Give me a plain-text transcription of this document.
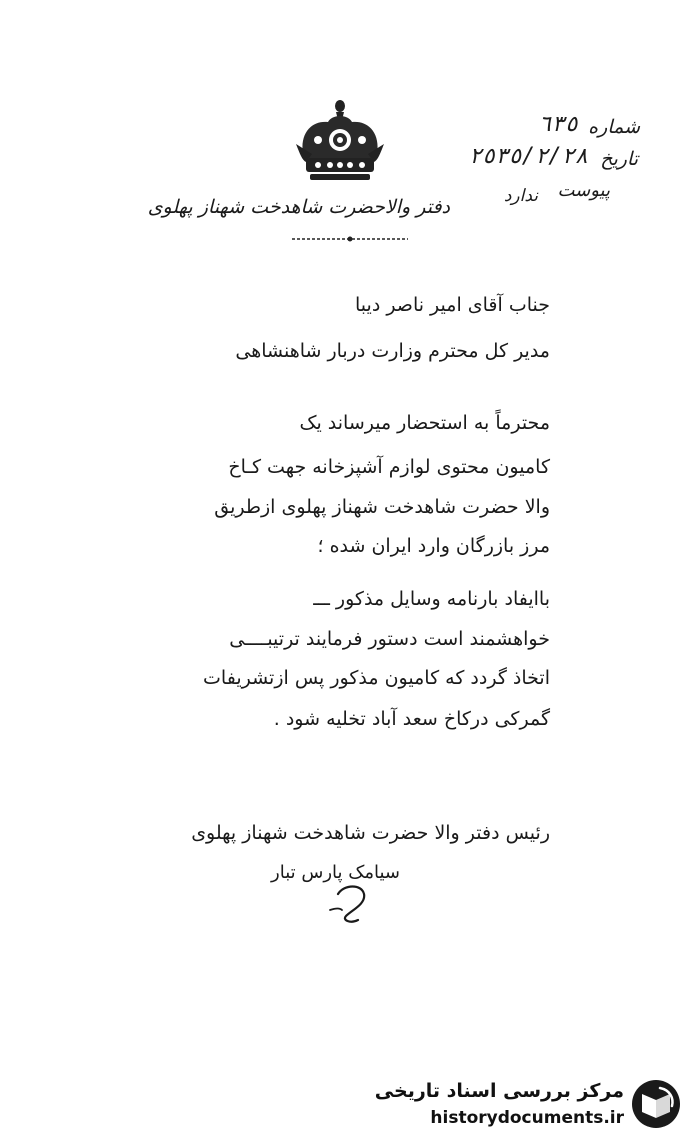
شماره
٦٣٥
تاریخ
٢٥٣٥/٢/٢٨
پیوست
ندارد
دفتر والاحضرت شاهدخت شهناز پهلوی
جناب آقای امیر ناصر دیبا
مدیر کل محترم وزارت دربار شاهنشاهی
محترماً به استحضار میرساند یک
کامیون محتوی لوازم آشپزخانه جهت کـاخ
والا حضرت شاهدخت شهناز پهلوی ازطریق
مرز بازرگان وارد ایران شده ؛
باایفاد بارنامه وسایل مذکور ـــ
خواهشمند است دستور فرمایند ترتیبــــی
اتخاذ گردد که کامیون مذکور پس ازتشریفات
گمرکی درکاخ سعد آباد تخلیه شود .
رئیس دفتر والا حضرت شاهدخت شهناز پهلوی
سیامک پارس تبار
مرکز بررسی اسناد تاریخی
historydocuments.ir
